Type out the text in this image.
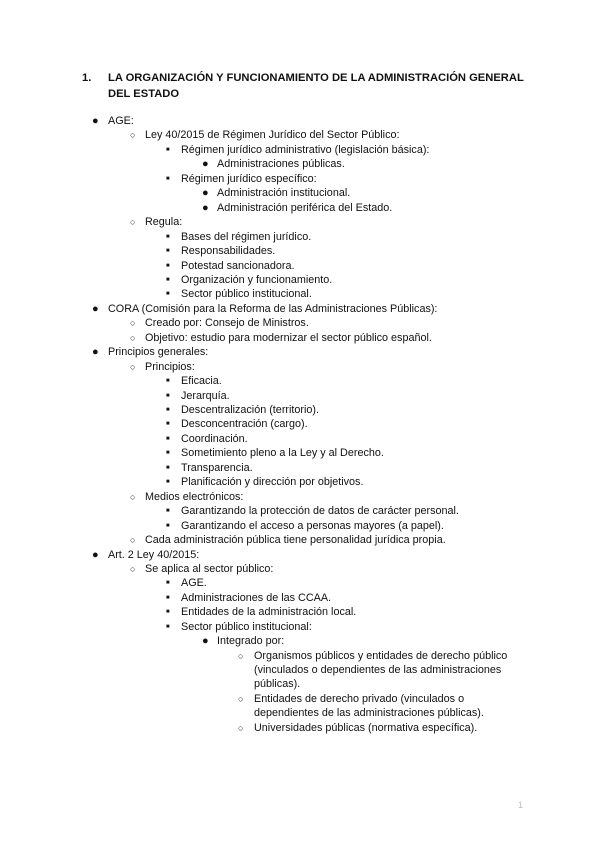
1. LA ORGANIZACIÓN Y FUNCIONAMIENTO DE LA ADMINISTRACIÓN GENERAL DEL ESTADO
● AGE:
○ Ley 40/2015 de Régimen Jurídico del Sector Público:
■ Régimen jurídico administrativo (legislación básica):
● Administraciones públicas.
■ Régimen jurídico específico:
● Administración institucional.
● Administración periférica del Estado.
○ Regula:
■ Bases del régimen jurídico.
■ Responsabilidades.
■ Potestad sancionadora.
■ Organización y funcionamiento.
■ Sector público institucional.
● CORA (Comisión para la Reforma de las Administraciones Públicas):
○ Creado por: Consejo de Ministros.
○ Objetivo: estudio para modernizar el sector público español.
● Principios generales:
○ Principios:
■ Eficacia.
■ Jerarquía.
■ Descentralización (territorio).
■ Desconcentración (cargo).
■ Coordinación.
■ Sometimiento pleno a la Ley y al Derecho.
■ Transparencia.
■ Planificación y dirección por objetivos.
○ Medios electrónicos:
■ Garantizando la protección de datos de carácter personal.
■ Garantizando el acceso a personas mayores (a papel).
○ Cada administración pública tiene personalidad jurídica propia.
● Art. 2 Ley 40/2015:
○ Se aplica al sector público:
■ AGE.
■ Administraciones de las CCAA.
■ Entidades de la administración local.
■ Sector público institucional:
● Integrado por:
○ Organismos públicos y entidades de derecho público (vinculados o dependientes de las administraciones públicas).
○ Entidades de derecho privado (vinculados o dependientes de las administraciones públicas).
○ Universidades públicas (normativa específica).
1
